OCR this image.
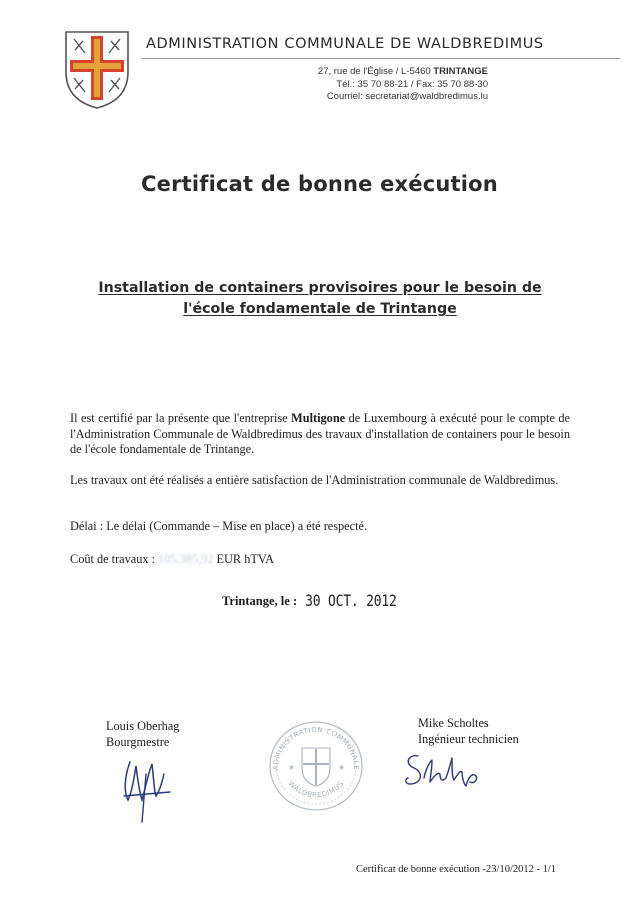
ADMINISTRATION COMMUNALE DE WALDBREDIMUS
27, rue de l'Église / L-5460 TRINTANGE
Tél.: 35 70 88-21 / Fax: 35 70 88-30
Courriel: secretariat@waldbredimus.lu
Certificat de bonne exécution
Installation de containers provisoires pour le besoin de
l'école fondamentale de Trintange
Il est certifié par la présente que l'entreprise Multigone de Luxembourg à exécuté pour le compte de l'Administration Communale de Waldbredimus des travaux d'installation de containers pour le besoin de l'école fondamentale de Trintange.
Les travaux ont été réalisés a entière satisfaction de l'Administration communale de Waldbredimus.
Délai : Le délai (Commande – Mise en place) a été respecté.
Coût de travaux : 105.385,92 EUR hTVA
Trintange, le : 30 OCT. 2012
Louis Oberhag
Bourgmestre
ADMINISTRATION COMMUNALE
WALDBREDIMUS
★	★
Mike Scholtes
Ingénieur technicien
Certificat de bonne exécution -23/10/2012 - 1/1
